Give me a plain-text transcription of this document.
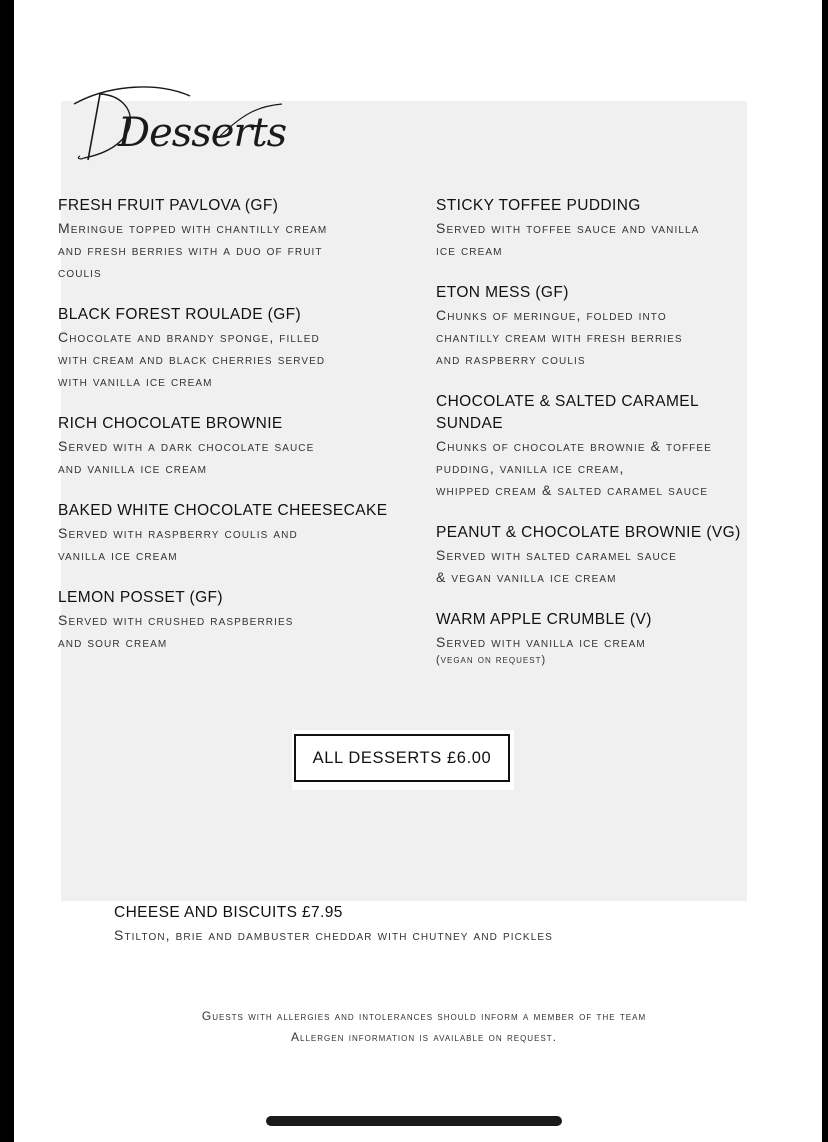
Desserts
FRESH FRUIT PAVLOVA (GF)
Meringue topped with chantilly cream
and fresh berries with a duo of fruit
coulis
BLACK FOREST ROULADE (GF)
Chocolate and brandy sponge, filled
with cream and black cherries served
with vanilla ice cream
RICH CHOCOLATE BROWNIE
Served with a dark chocolate sauce
and vanilla ice cream
BAKED WHITE CHOCOLATE CHEESECAKE
Served with raspberry coulis and
vanilla ice cream
LEMON POSSET (GF)
Served with crushed raspberries
and sour cream
STICKY TOFFEE PUDDING
Served with toffee sauce and vanilla
ice cream
ETON MESS (GF)
Chunks of meringue, folded into
chantilly cream with fresh berries
and raspberry coulis
CHOCOLATE & SALTED CARAMEL
SUNDAE
Chunks of chocolate brownie & toffee
pudding, vanilla ice cream,
whipped cream & salted caramel sauce
PEANUT & CHOCOLATE BROWNIE (VG)
Served with salted caramel sauce
& vegan vanilla ice cream
WARM APPLE CRUMBLE (V)
Served with vanilla ice cream
(vegan on request)
ALL DESSERTS £6.00
CHEESE AND BISCUITS £7.95
Stilton, brie and dambuster cheddar with chutney and pickles
Guests with allergies and intolerances should inform a member of the team
Allergen information is available on request.
